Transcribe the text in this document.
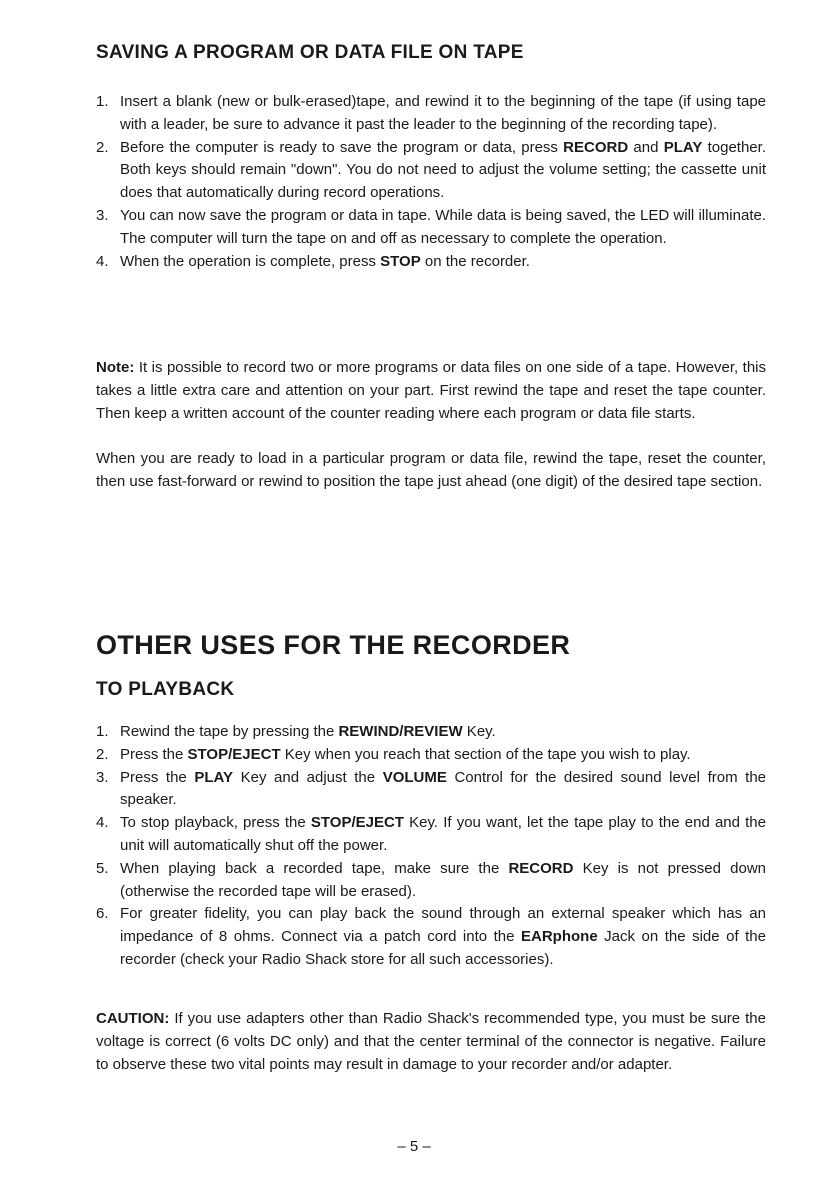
SAVING A PROGRAM OR DATA FILE ON TAPE
1. Insert a blank (new or bulk-erased)tape, and rewind it to the beginning of the tape (if using tape with a leader, be sure to advance it past the leader to the beginning of the recording tape).
2. Before the computer is ready to save the program or data, press RECORD and PLAY together. Both keys should remain "down". You do not need to adjust the volume setting; the cassette unit does that automatically during record operations.
3. You can now save the program or data in tape. While data is being saved, the LED will illuminate. The computer will turn the tape on and off as necessary to complete the operation.
4. When the operation is complete, press STOP on the recorder.

Note: It is possible to record two or more programs or data files on one side of a tape. However, this takes a little extra care and attention on your part. First rewind the tape and reset the tape counter. Then keep a written account of the counter reading where each program or data file starts.

When you are ready to load in a particular program or data file, rewind the tape, reset the counter, then use fast-forward or rewind to position the tape just ahead (one digit) of the desired tape section.

OTHER USES FOR THE RECORDER
TO PLAYBACK
1. Rewind the tape by pressing the REWIND/REVIEW Key.
2. Press the STOP/EJECT Key when you reach that section of the tape you wish to play.
3. Press the PLAY Key and adjust the VOLUME Control for the desired sound level from the speaker.
4. To stop playback, press the STOP/EJECT Key. If you want, let the tape play to the end and the unit will automatically shut off the power.
5. When playing back a recorded tape, make sure the RECORD Key is not pressed down (otherwise the recorded tape will be erased).
6. For greater fidelity, you can play back the sound through an external speaker which has an impedance of 8 ohms. Connect via a patch cord into the EARphone Jack on the side of the recorder (check your Radio Shack store for all such accessories).

CAUTION: If you use adapters other than Radio Shack's recommended type, you must be sure the voltage is correct (6 volts DC only) and that the center terminal of the connector is negative. Failure to observe these two vital points may result in damage to your recorder and/or adapter.

– 5 –
